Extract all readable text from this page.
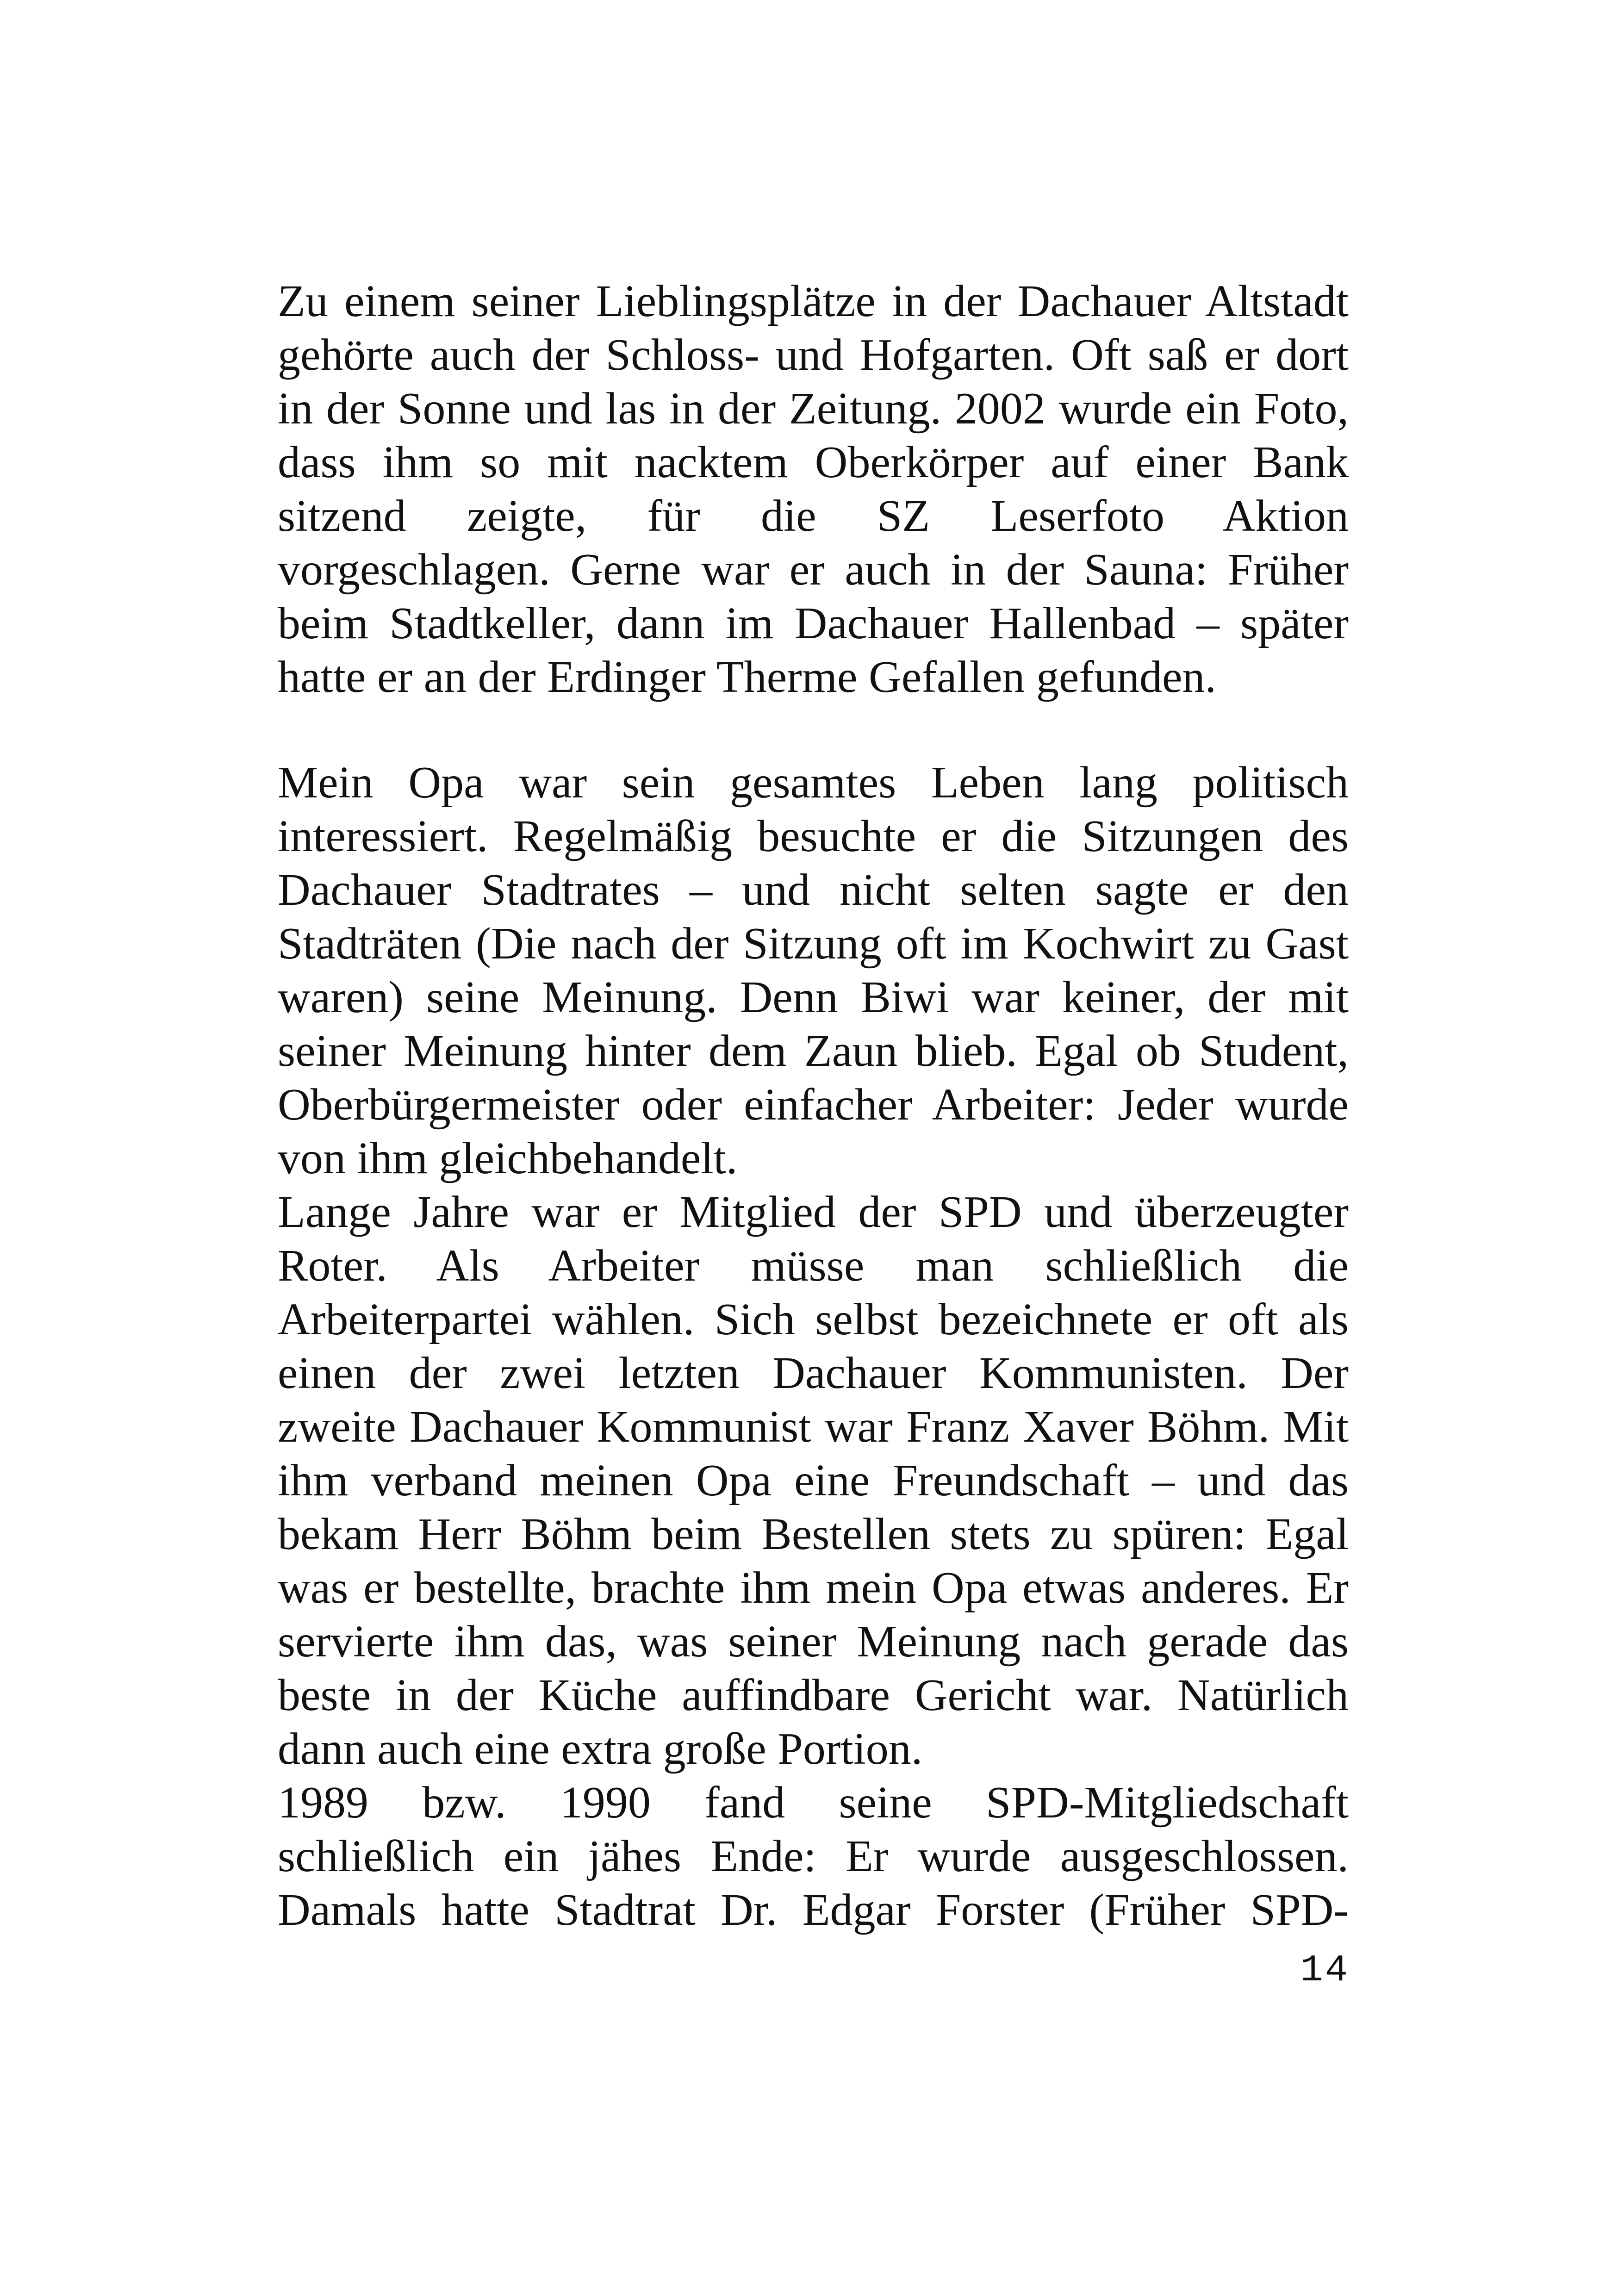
Zu einem seiner Lieblingsplätze in der Dachauer Altstadt
gehörte auch der Schloss- und Hofgarten. Oft saß er dort
in der Sonne und las in der Zeitung. 2002 wurde ein Foto,
dass ihm so mit nacktem Oberkörper auf einer Bank
sitzend zeigte, für die SZ Leserfoto Aktion
vorgeschlagen. Gerne war er auch in der Sauna: Früher
beim Stadtkeller, dann im Dachauer Hallenbad – später
hatte er an der Erdinger Therme Gefallen gefunden.
Mein Opa war sein gesamtes Leben lang politisch
interessiert. Regelmäßig besuchte er die Sitzungen des
Dachauer Stadtrates – und nicht selten sagte er den
Stadträten (Die nach der Sitzung oft im Kochwirt zu Gast
waren) seine Meinung. Denn Biwi war keiner, der mit
seiner Meinung hinter dem Zaun blieb. Egal ob Student,
Oberbürgermeister oder einfacher Arbeiter: Jeder wurde
von ihm gleichbehandelt.
Lange Jahre war er Mitglied der SPD und überzeugter
Roter. Als Arbeiter müsse man schließlich die
Arbeiterpartei wählen. Sich selbst bezeichnete er oft als
einen der zwei letzten Dachauer Kommunisten. Der
zweite Dachauer Kommunist war Franz Xaver Böhm. Mit
ihm verband meinen Opa eine Freundschaft – und das
bekam Herr Böhm beim Bestellen stets zu spüren: Egal
was er bestellte, brachte ihm mein Opa etwas anderes. Er
servierte ihm das, was seiner Meinung nach gerade das
beste in der Küche auffindbare Gericht war. Natürlich
dann auch eine extra große Portion.
1989 bzw. 1990 fand seine SPD-Mitgliedschaft
schließlich ein jähes Ende: Er wurde ausgeschlossen.
Damals hatte Stadtrat Dr. Edgar Forster (Früher SPD-
14
